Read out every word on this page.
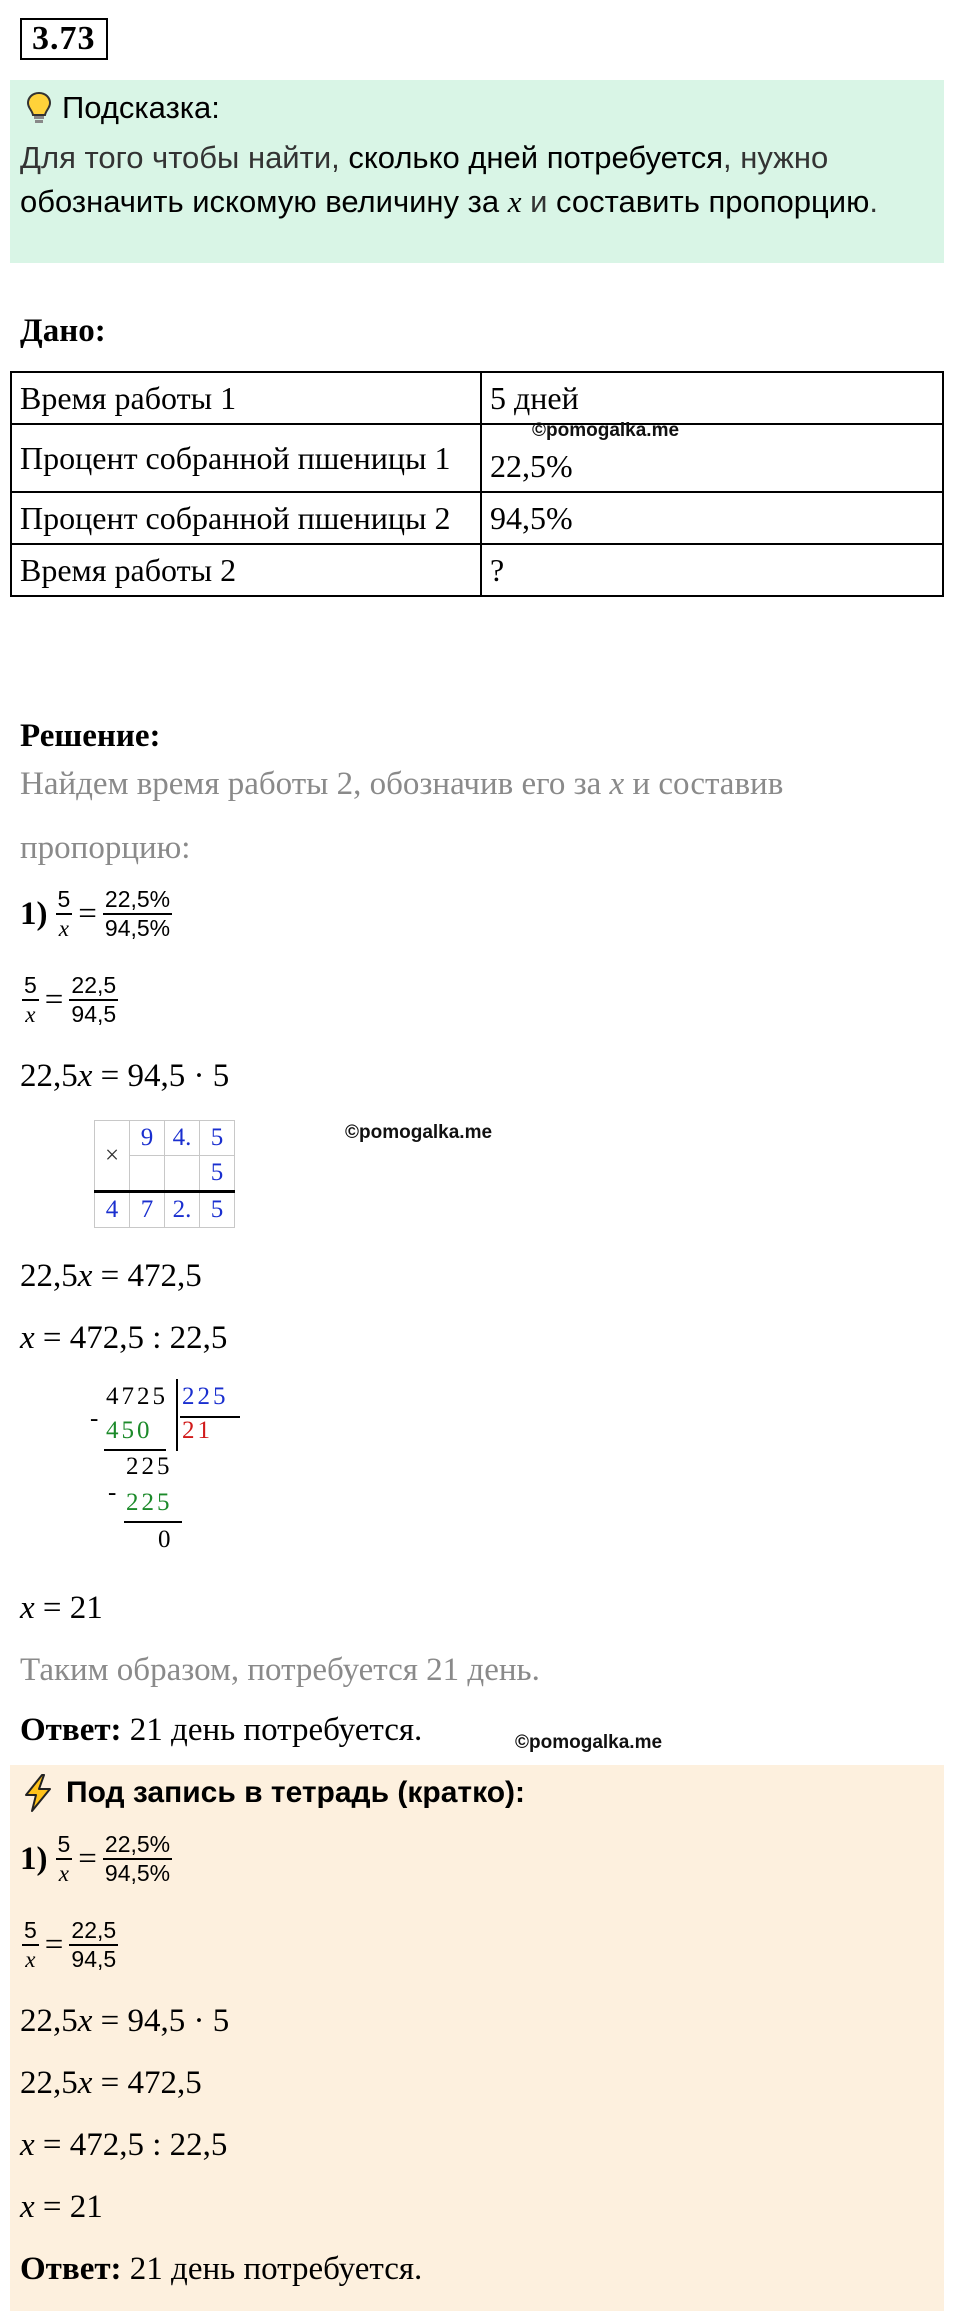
3.73
Подсказка:
Для того чтобы найти, сколько дней потребуется, нужно
обозначить искомую величину за x и составить пропорцию.
Дано:
Время работы 1	5 дней
Процент собранной пшеницы 1	22,5%
Процент собранной пшеницы 2	94,5%
Время работы 2	?
©pomogalka.me
Решение:
Найдем время работы 2, обозначив его за x и составив
пропорцию:
$1) \frac{5}{x} = \frac{22,5\%}{94,5\%}$
$\frac{5}{x} = \frac{22,5}{94,5}$
22,5x = 94,5 · 5
×	9	4.	5
			5
4	7	2.	5
©pomogalka.me
22,5x = 472,5
x = 472,5 : 22,5
4725 225
- 450 21
225
- 225
0
x = 21
Таким образом, потребуется 21 день.
Ответ: 21 день потребуется.	©pomogalka.me
Под запись в тетрадь (кратко):
$1) \frac{5}{x} = \frac{22,5\%}{94,5\%}$
$\frac{5}{x} = \frac{22,5}{94,5}$
22,5x = 94,5 · 5
22,5x = 472,5
x = 472,5 : 22,5
x = 21
Ответ: 21 день потребуется.
